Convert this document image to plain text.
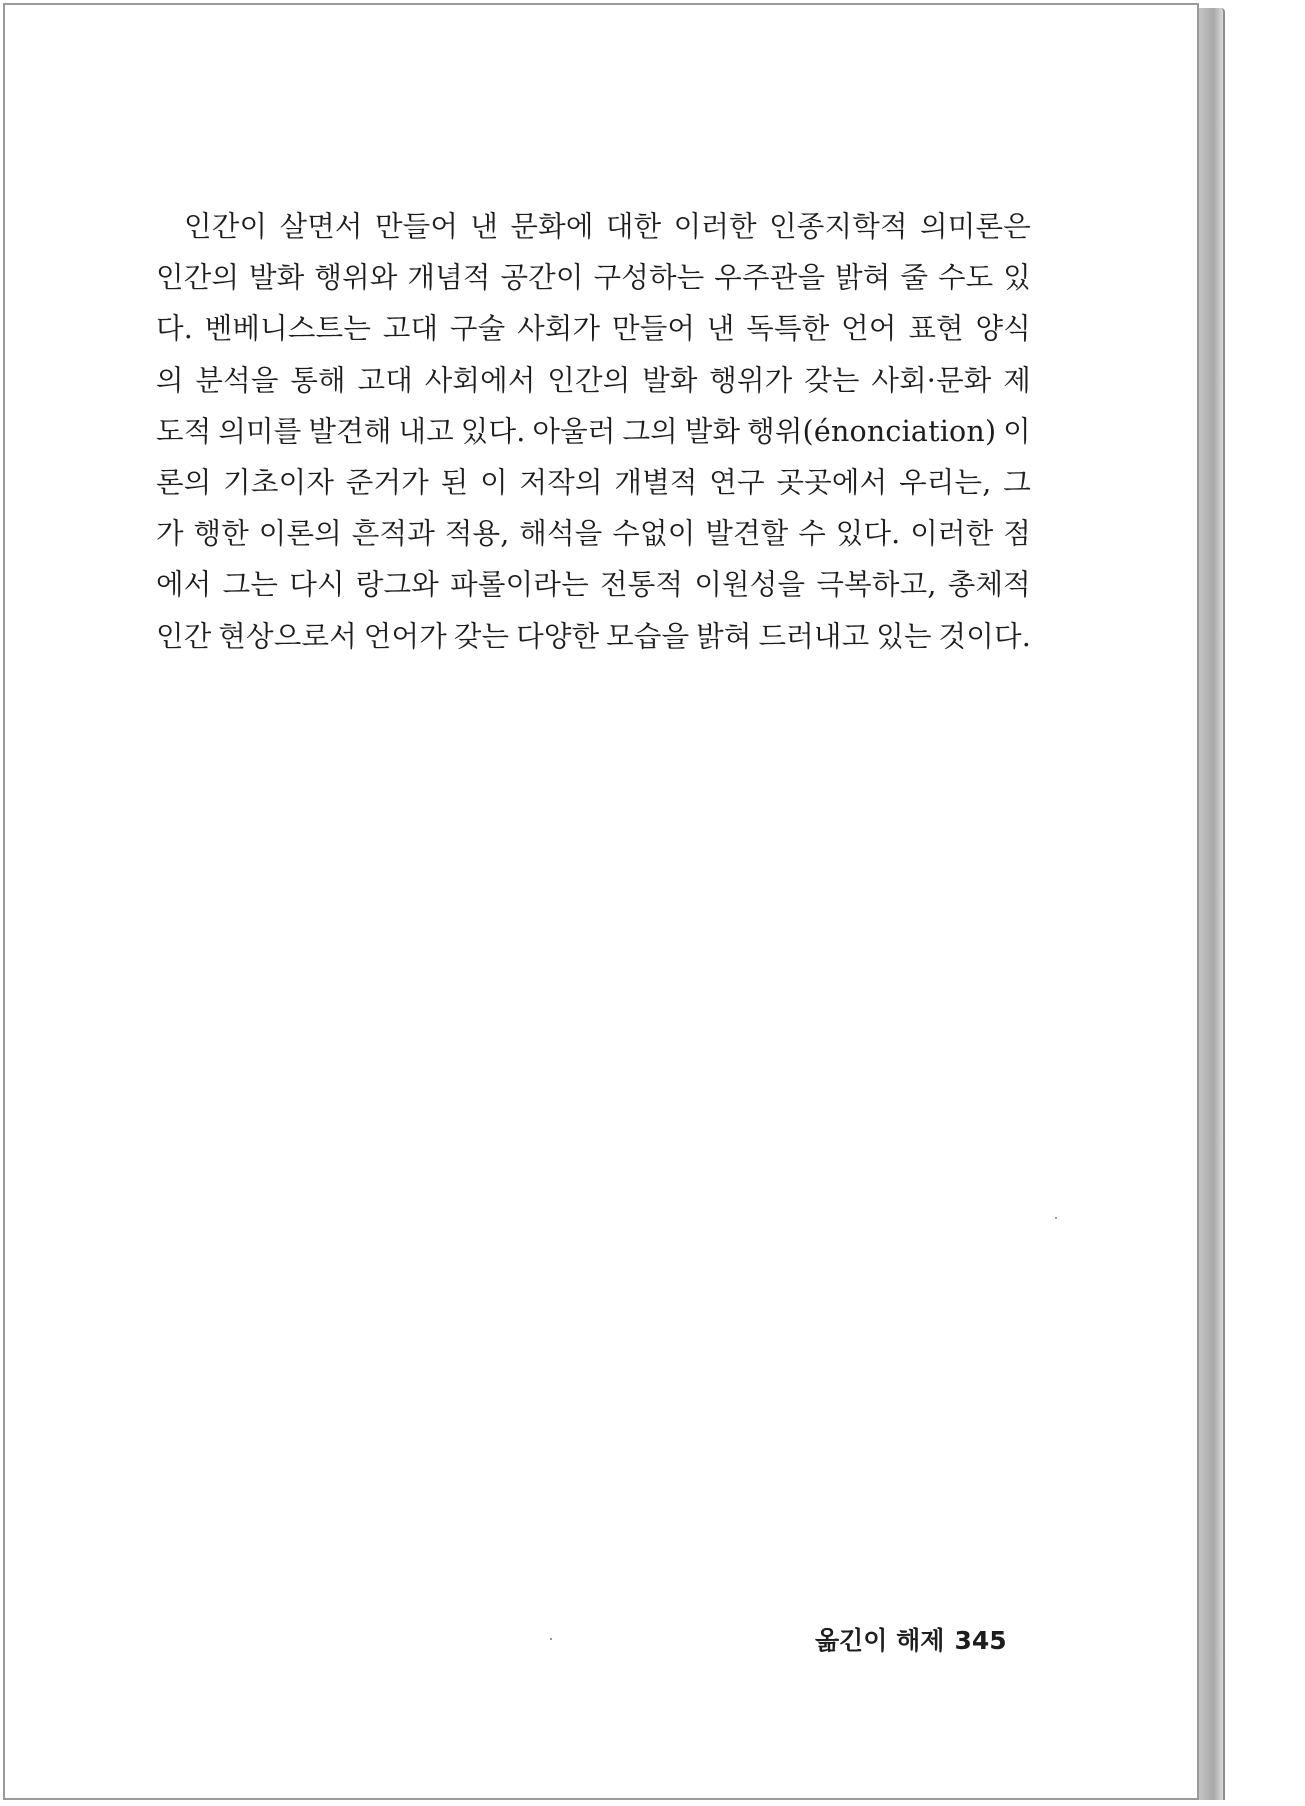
인간이 살면서 만들어 낸 문화에 대한 이러한 인종지학적 의미론은
인간의 발화 행위와 개념적 공간이 구성하는 우주관을 밝혀 줄 수도 있
다. 벤베니스트는 고대 구술 사회가 만들어 낸 독특한 언어 표현 양식
의 분석을 통해 고대 사회에서 인간의 발화 행위가 갖는 사회·문화 제
도적 의미를 발견해 내고 있다. 아울러 그의 발화 행위(énonciation) 이
론의 기초이자 준거가 된 이 저작의 개별적 연구 곳곳에서 우리는, 그
가 행한 이론의 흔적과 적용, 해석을 수없이 발견할 수 있다. 이러한 점
에서 그는 다시 랑그와 파롤이라는 전통적 이원성을 극복하고, 총체적
인간 현상으로서 언어가 갖는 다양한 모습을 밝혀 드러내고 있는 것이다.
옮긴이 해제 345
